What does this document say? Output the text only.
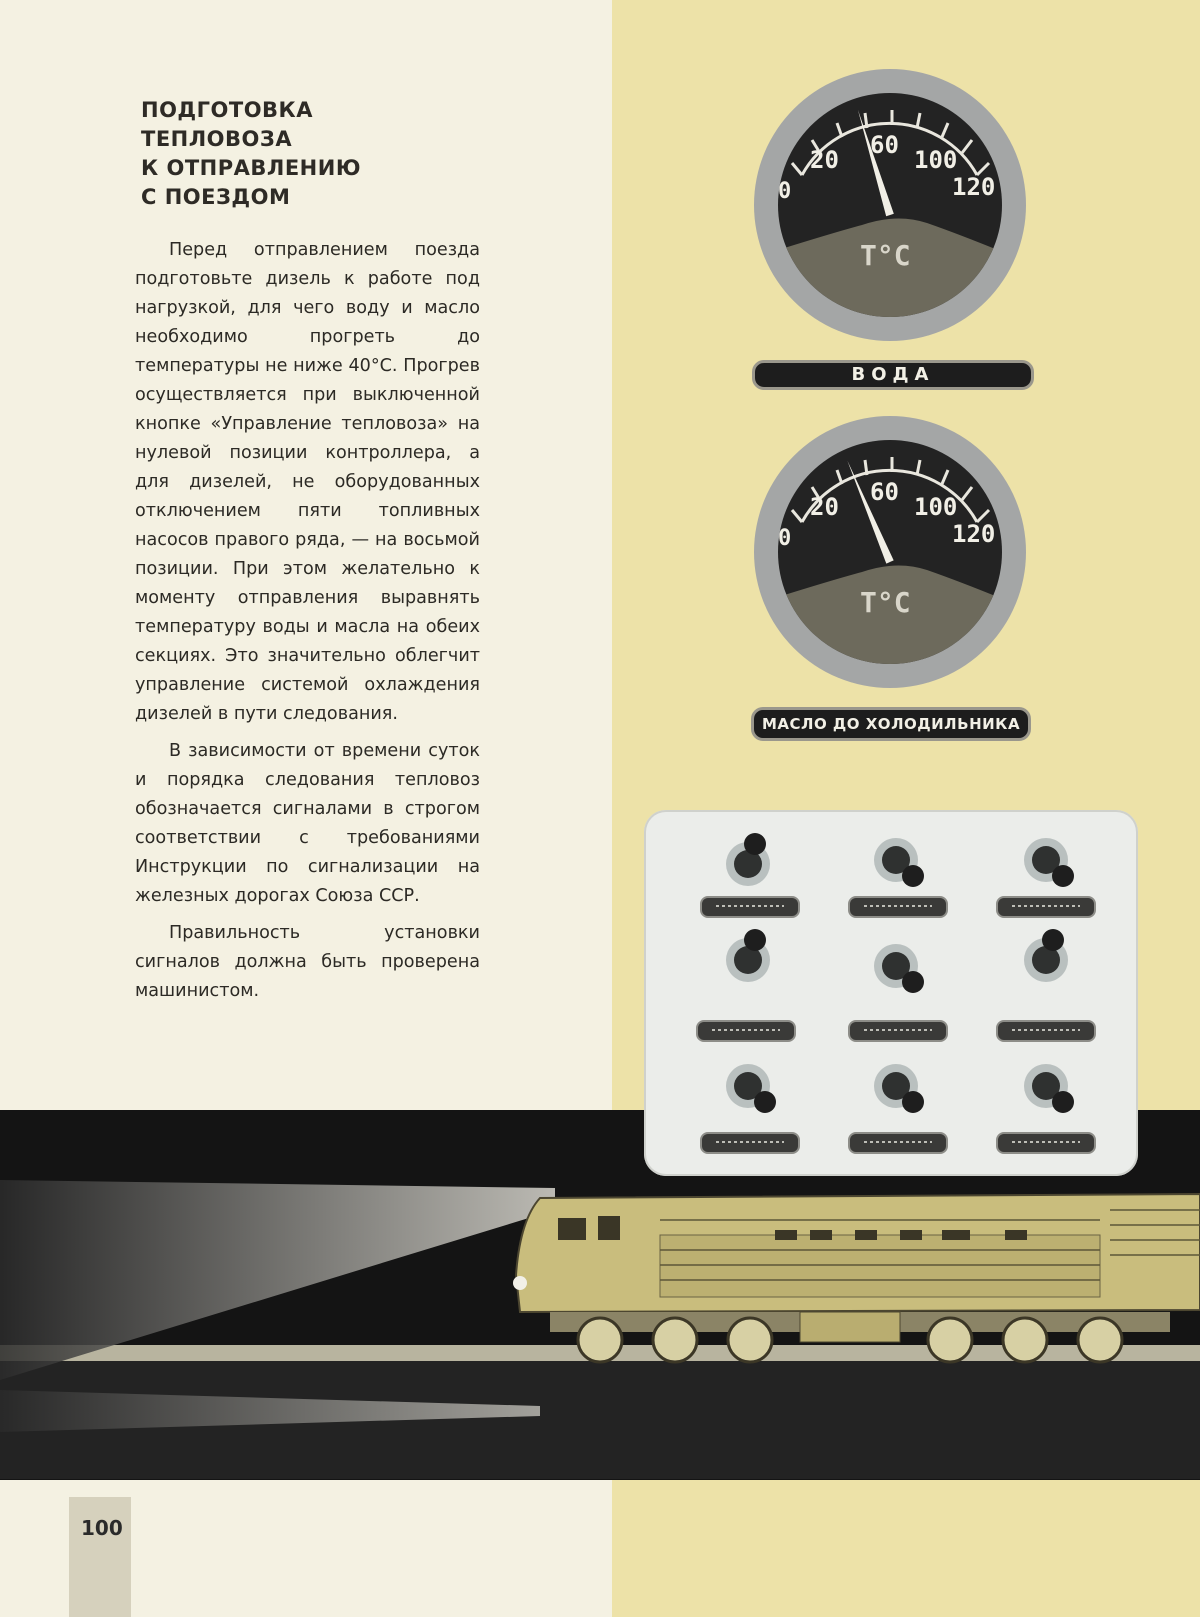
ПОДГОТОВКА
ТЕПЛОВОЗА
К ОТПРАВЛЕНИЮ
С ПОЕЗДОМ

Перед отправлением поезда подготовьте дизель к работе под нагрузкой, для чего воду и масло необходимо прогреть до температуры не ниже 40°С. Прогрев осуществляется при выключенной кнопке «Управление тепловоза» на нулевой позиции контроллера, а для дизелей, не оборудованных отключением пяти топливных насосов правого ряда, — на восьмой позиции. При этом желательно к моменту отправления выравнять температуру воды и масла на обеих секциях. Это значительно облегчит управление системой охлаждения дизелей в пути следования.

В зависимости от времени суток и порядка следования тепловоз обозначается сигналами в строгом соответствии с требованиями Инструкции по сигнализации на железных дорогах Союза ССР.

Правильность установки сигналов должна быть проверена машинистом.

0
20
60
100
120
T°C
ВОДА
0
20
60
100
120
T°C
МАСЛО ДО ХОЛОДИЛЬНИКА
100
